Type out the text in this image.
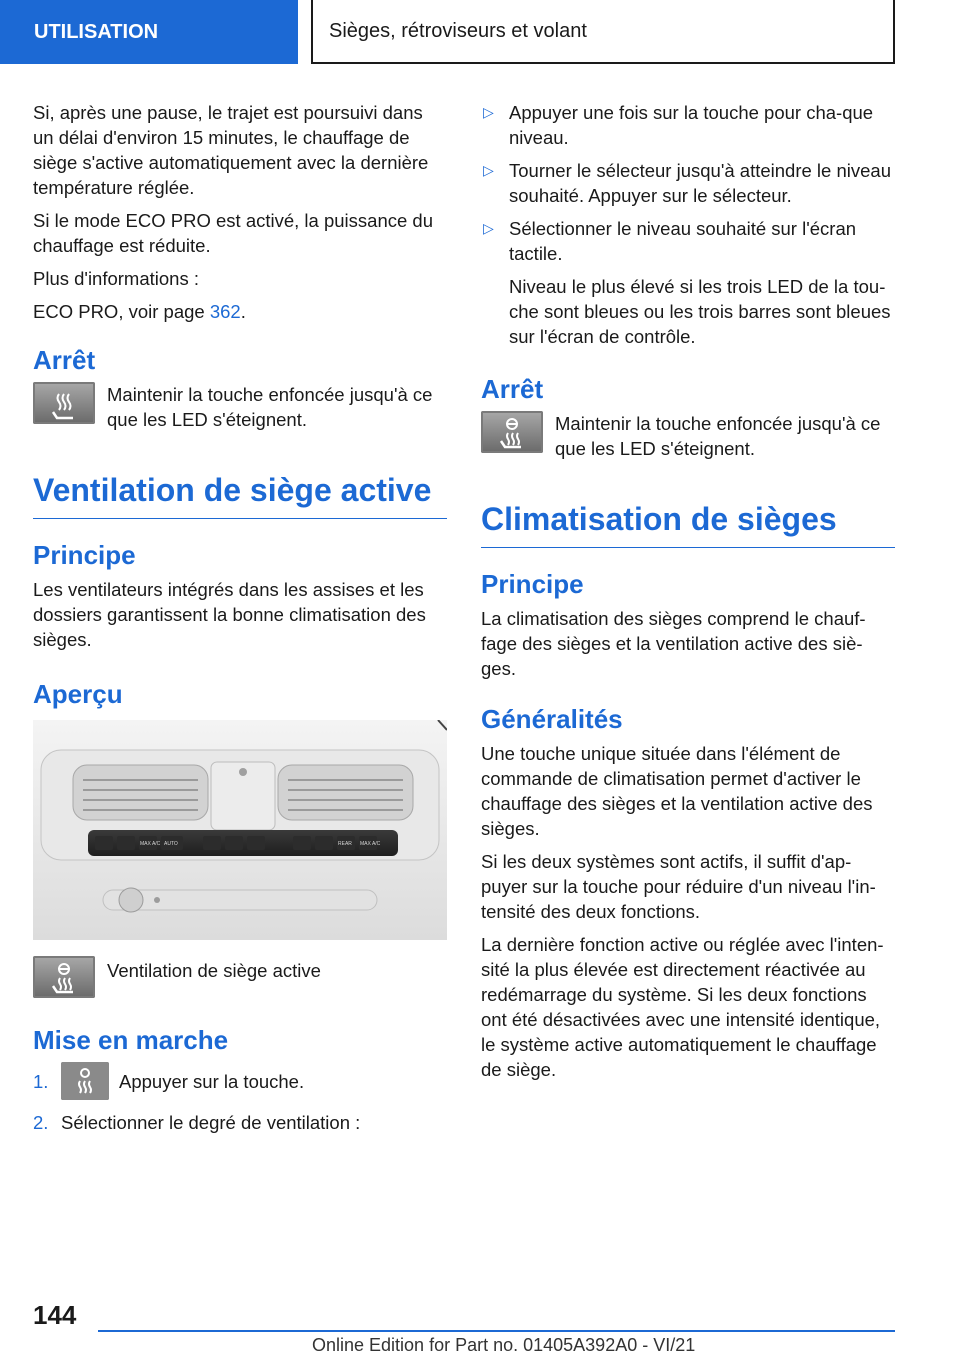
UTILISATION	Sièges, rétroviseurs et volant

Si, après une pause, le trajet est poursuivi dans un délai d'environ 15 minutes, le chauffage de siège s'active automatiquement avec la dernière température réglée.

Si le mode ECO PRO est activé, la puissance du chauffage est réduite.

Plus d'informations :

ECO PRO, voir page 362.

Arrêt
Maintenir la touche enfoncée jusqu'à ce que les LED s'éteignent.
Ventilation de siège active
Principe

Les ventilateurs intégrés dans les assises et les dossiers garantissent la bonne climatisation des sièges.

Aperçu
AUTO
MAX A/C	REAR MAX A/C
Ventilation de siège active
Mise en marche
1.	Appuyer sur la touche.
2. Sélectionner le degré de ventilation :
▷ Appuyer une fois sur la touche pour cha-que niveau.
▷ Tourner le sélecteur jusqu'à atteindre le niveau souhaité. Appuyer sur le sélecteur.
▷ Sélectionner le niveau souhaité sur l'écran tactile.

Niveau le plus élevé si les trois LED de la tou-che sont bleues ou les trois barres sont bleues sur l'écran de contrôle.

Arrêt
Maintenir la touche enfoncée jusqu'à ce que les LED s'éteignent.
Climatisation de sièges
Principe

La climatisation des sièges comprend le chauf-fage des sièges et la ventilation active des siè-ges.

Généralités

Une touche unique située dans l'élément de commande de climatisation permet d'activer le chauffage des sièges et la ventilation active des sièges.

Si les deux systèmes sont actifs, il suffit d'ap-puyer sur la touche pour réduire d'un niveau l'in-tensité des deux fonctions.

La dernière fonction active ou réglée avec l'inten-sité la plus élevée est directement réactivée au redémarrage du système. Si les deux fonctions ont été désactivées avec une intensité identique, le système active automatiquement le chauffage de siège.

144
Online Edition for Part no. 01405A392A0 - VI/21
